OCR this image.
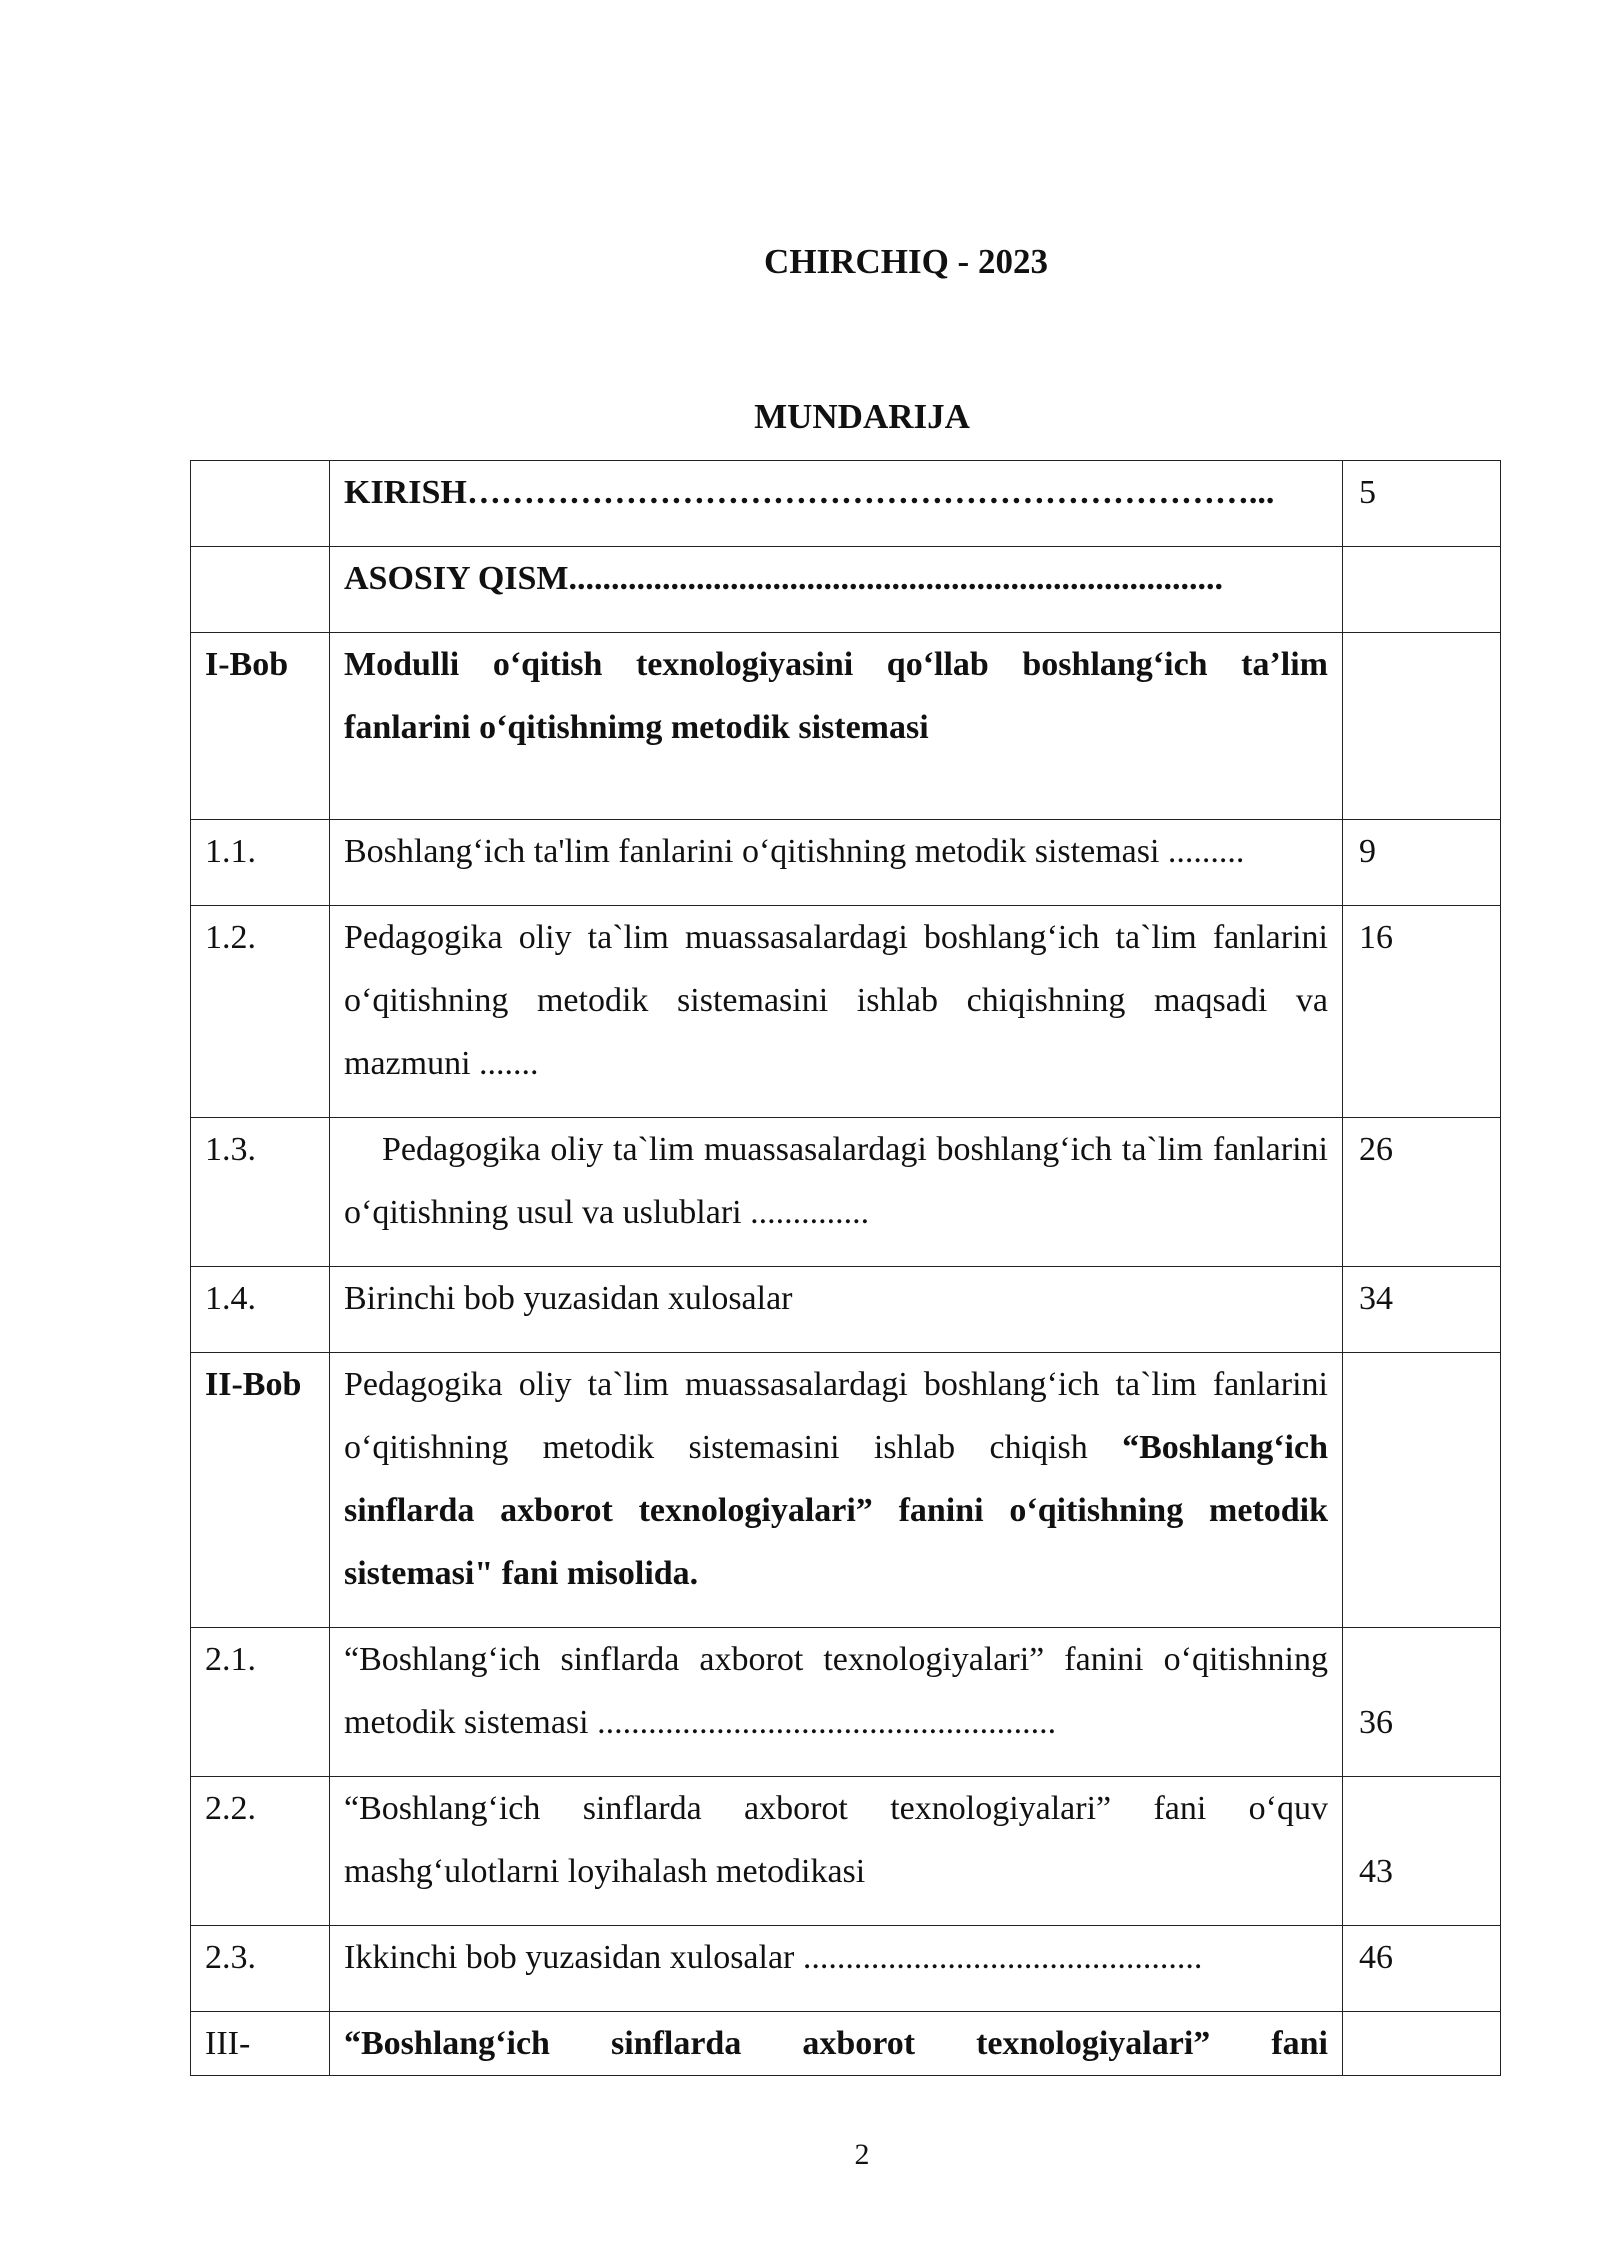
CHIRCHIQ - 2023
MUNDARIJA
	KIRISH……………………………………………………………...	5
	ASOSIY QISM.............................................................................	
I-Bob	Modulli o‘qitish texnologiyasini qo‘llab boshlang‘ich ta’lim fanlarini o‘qitishnimg metodik sistemasi	
1.1.	Boshlang‘ich ta'lim fanlarini o‘qitishning metodik sistemasi .........	9
1.2.	Pedagogika oliy ta`lim muassasalardagi boshlang‘ich ta`lim fanlarini o‘qitishning metodik sistemasini ishlab chiqishning maqsadi va mazmuni .......	16
1.3.	Pedagogika oliy ta`lim muassasalardagi boshlang‘ich ta`lim fanlarini o‘qitishning usul va uslublari ..............	26
1.4.	Birinchi bob yuzasidan xulosalar	34
II-Bob	Pedagogika oliy ta`lim muassasalardagi boshlang‘ich ta`lim fanlarini o‘qitishning metodik sistemasini ishlab chiqish “Boshlang‘ich sinflarda axborot texnologiyalari” fanini o‘qitishning metodik sistemasi" fani misolida.	
2.1.	“Boshlang‘ich sinflarda axborot texnologiyalari” fanini o‘qitishning metodik sistemasi ......................................................	36
2.2.	“Boshlang‘ich sinflarda axborot texnologiyalari” fani o‘quv mashg‘ulotlarni loyihalash metodikasi	43
2.3.	Ikkinchi bob yuzasidan xulosalar ...............................................	46
III-	“Boshlang‘ich sinflarda axborot texnologiyalari” fani	
2
